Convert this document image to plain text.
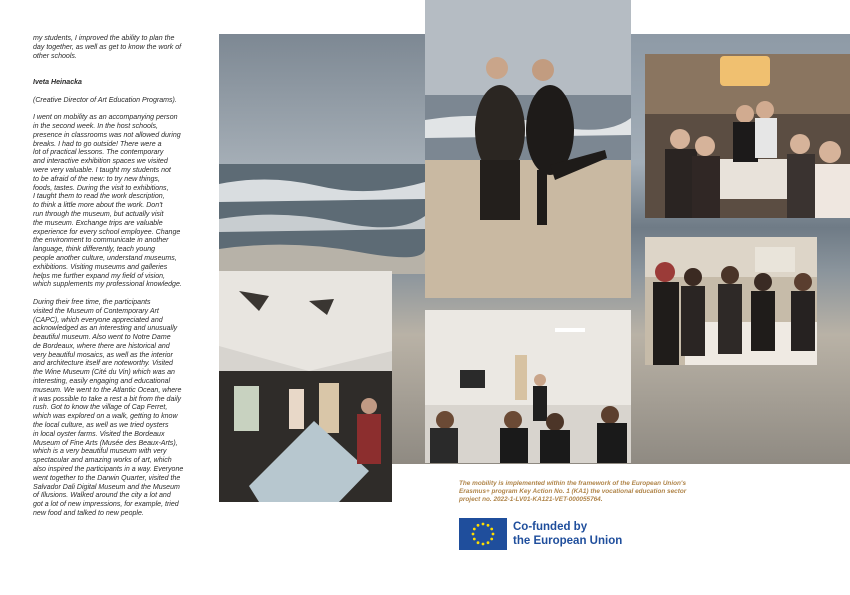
my students, I improved the ability to plan the
day together, as well as get to know the work of
other schools.

Iveta Heinacka

(Creative Director of Art Education Programs).

I went on mobility as an accompanying person
in the second week. In the host schools,
presence in classrooms was not allowed during
breaks. I had to go outside! There were a
lot of practical lessons. The contemporary
and interactive exhibition spaces we visited
were very valuable. I taught my students not
to be afraid of the new: to try new things,
foods, tastes. During the visit to exhibitions,
I taught them to read the work description,
to think a little more about the work. Don't
run through the museum, but actually visit
the museum. Exchange trips are valuable
experience for every school employee. Change
the environment to communicate in another
language, think differently, teach young
people another culture, understand museums,
exhibitions. Visiting museums and galleries
helps me further expand my field of vision,
which supplements my professional knowledge.

During their free time, the participants
visited the Museum of Contemporary Art
(CAPC), which everyone appreciated and
acknowledged as an interesting and unusually
beautiful museum. Also went to Notre Dame
de Bordeaux, where there are historical and
very beautiful mosaics, as well as the interior
and architecture itself are noteworthy. Visited
the Wine Museum (Cité du Vin) which was an
interesting, easily engaging and educational
museum. We went to the Atlantic Ocean, where
it was possible to take a rest a bit from the daily
rush. Got to know the village of Cap Ferret,
which was explored on a walk, getting to know
the local culture, as well as we tried oysters
in local oyster farms. Visited the Bordeaux
Museum of Fine Arts (Musée des Beaux-Arts),
which is a very beautiful museum with very
spectacular and amazing works of art, which
also inspired the participants in a way. Everyone
went together to the Darwin Quarter, visited the
Salvador Dali Digital Museum and the Museum
of Illusions. Walked around the city a lot and
got a lot of new impressions, for example, tried
new food and talked to new people.

The mobility is implemented within the framework of the European Union's
Erasmus+ program Key Action No. 1 (KA1) the vocational education sector
project no. 2022-1-LV01-KA121-VET-000055764.
Co-funded by
the European Union
